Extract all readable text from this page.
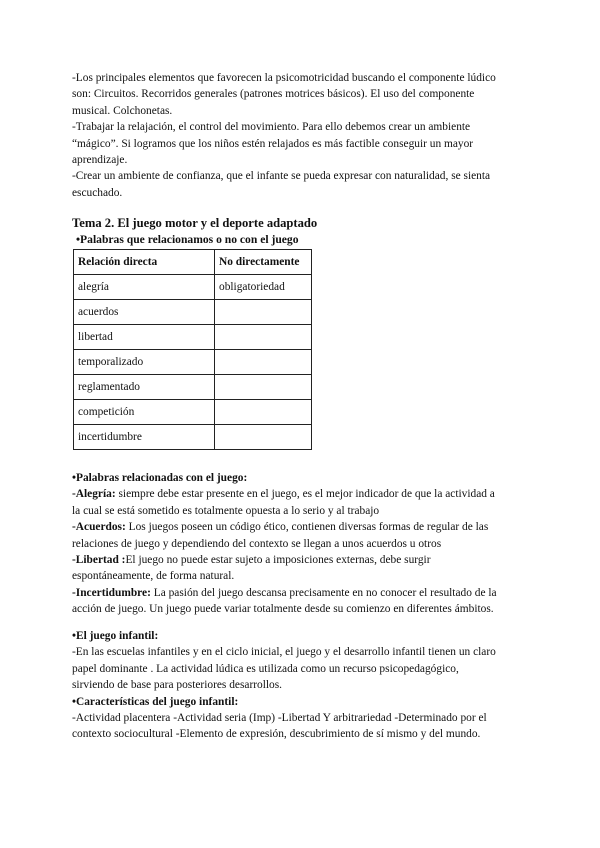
-Los principales elementos que favorecen la psicomotricidad buscando el componente lúdico
son: Circuitos. Recorridos generales (patrones motrices básicos). El uso del componente
musical. Colchonetas.
-Trabajar la relajación, el control del movimiento. Para ello debemos crear un ambiente
“mágico”. Si logramos que los niños estén relajados es más factible conseguir un mayor
aprendizaje.
-Crear un ambiente de confianza, que el infante se pueda expresar con naturalidad, se sienta
escuchado.
Tema 2. El juego motor y el deporte adaptado
•Palabras que relacionamos o no con el juego
Relación directa	No directamente
alegría	obligatoriedad
acuerdos	
libertad	
temporalizado	
reglamentado	
competición	
incertidumbre	
•Palabras relacionadas con el juego:
-Alegría: siempre debe estar presente en el juego, es el mejor indicador de que la actividad a
la cual se está sometido es totalmente opuesta a lo serio y al trabajo
-Acuerdos: Los juegos poseen un código ético, contienen diversas formas de regular de las
relaciones de juego y dependiendo del contexto se llegan a unos acuerdos u otros
-Libertad :El juego no puede estar sujeto a imposiciones externas, debe surgir
espontáneamente, de forma natural.
-Incertidumbre: La pasión del juego descansa precisamente en no conocer el resultado de la
acción de juego. Un juego puede variar totalmente desde su comienzo en diferentes ámbitos.
•El juego infantil:
-En las escuelas infantiles y en el ciclo inicial, el juego y el desarrollo infantil tienen un claro
papel dominante . La actividad lúdica es utilizada como un recurso psicopedagógico,
sirviendo de base para posteriores desarrollos.
•Características del juego infantil:
-Actividad placentera -Actividad seria (Imp) -Libertad Y arbitrariedad -Determinado por el
contexto sociocultural -Elemento de expresión, descubrimiento de sí mismo y del mundo.
